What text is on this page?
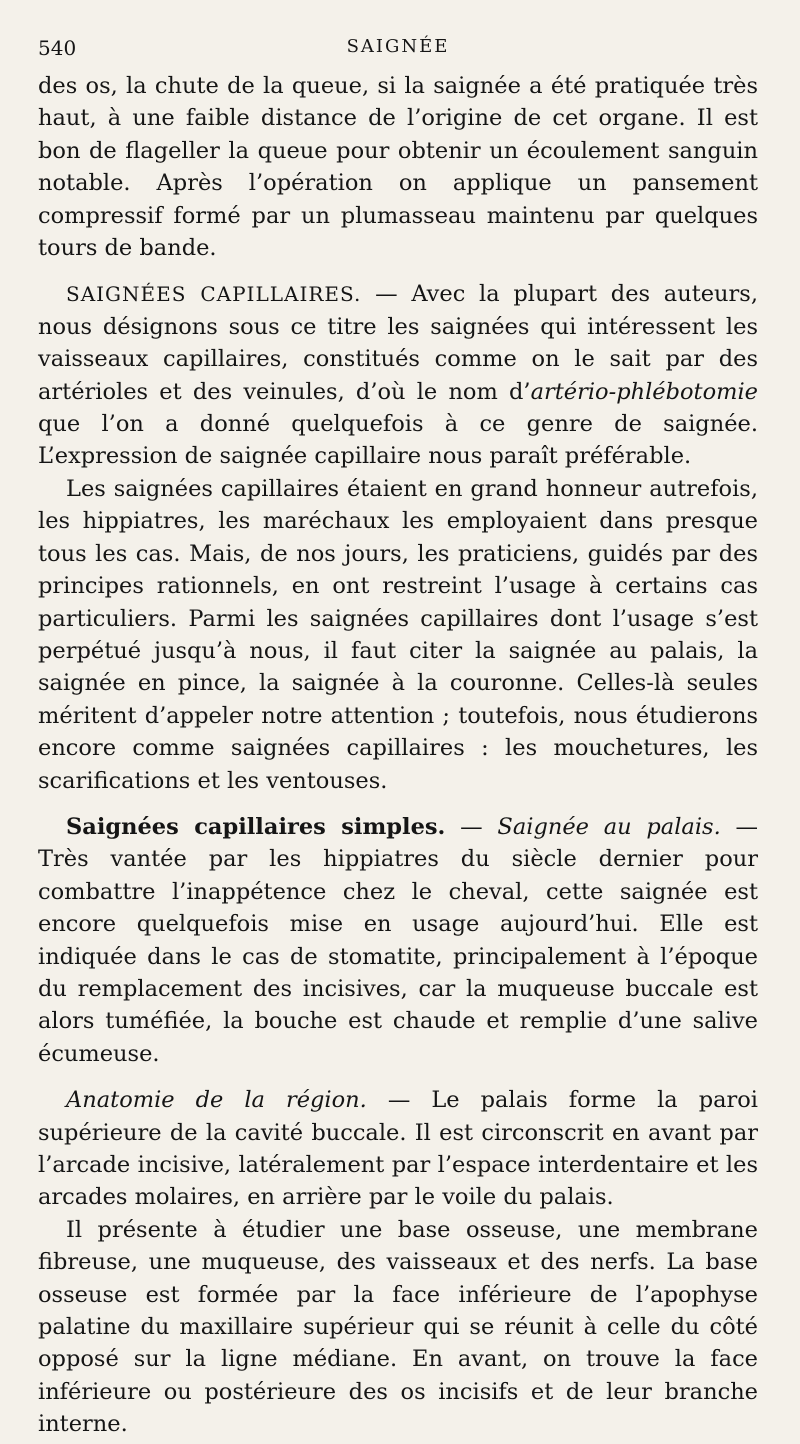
540	SAIGNÉE

des os, la chute de la queue, si la saignée a été pratiquée très haut, à une faible distance de l’origine de cet organe. Il est bon de flageller la queue pour obtenir un écoulement sanguin notable. Après l’opération on applique un pansement compressif formé par un plumasseau maintenu par quelques tours de bande.

SAIGNÉES CAPILLAIRES. — Avec la plupart des auteurs, nous désignons sous ce titre les saignées qui intéressent les vaisseaux capillaires, constitués comme on le sait par des artérioles et des veinules, d’où le nom d’artério-phlébotomie que l’on a donné quelquefois à ce genre de saignée. L’expression de saignée capillaire nous paraît préférable.

Les saignées capillaires étaient en grand honneur autrefois, les hippiatres, les maréchaux les employaient dans presque tous les cas. Mais, de nos jours, les praticiens, guidés par des principes rationnels, en ont restreint l’usage à certains cas particuliers. Parmi les saignées capillaires dont l’usage s’est perpétué jusqu’à nous, il faut citer la saignée au palais, la saignée en pince, la saignée à la couronne. Celles-là seules méritent d’appeler notre attention ; toutefois, nous étudierons encore comme saignées capillaires : les mouchetures, les scarifications et les ventouses.

Saignées capillaires simples. — Saignée au palais. — Très vantée par les hippiatres du siècle dernier pour combattre l’inappétence chez le cheval, cette saignée est encore quelquefois mise en usage aujourd’hui. Elle est indiquée dans le cas de stomatite, principalement à l’époque du remplacement des incisives, car la muqueuse buccale est alors tuméfiée, la bouche est chaude et remplie d’une salive écumeuse.

Anatomie de la région. — Le palais forme la paroi supérieure de la cavité buccale. Il est circonscrit en avant par l’arcade incisive, latéralement par l’espace interdentaire et les arcades molaires, en arrière par le voile du palais.

Il présente à étudier une base osseuse, une membrane fibreuse, une muqueuse, des vaisseaux et des nerfs. La base osseuse est formée par la face inférieure de l’apophyse palatine du maxillaire supérieur qui se réunit à celle du côté opposé sur la ligne médiane. En avant, on trouve la face inférieure ou postérieure des os incisifs et de leur branche interne.
